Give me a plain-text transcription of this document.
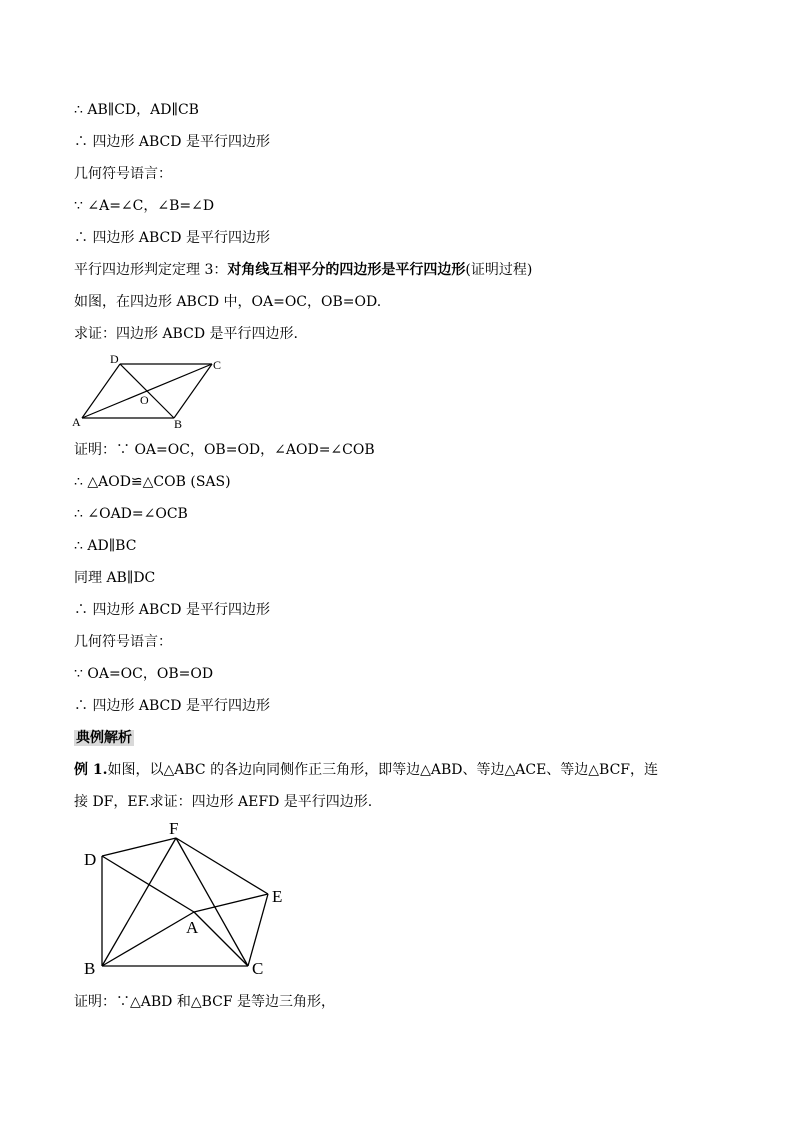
∴ AB∥CD，AD∥CB
∴ 四边形 ABCD 是平行四边形
几何符号语言：
∵ ∠A=∠C，∠B=∠D
∴ 四边形 ABCD 是平行四边形
平行四边形判定定理 3：对角线互相平分的四边形是平行四边形(证明过程)
如图，在四边形 ABCD 中，OA=OC，OB=OD.
求证：四边形 ABCD 是平行四边形.
D	C
A	B
O
证明：∵ OA=OC，OB=OD，∠AOD=∠COB
∴ △AOD≌△COB (SAS)
∴ ∠OAD=∠OCB
∴ AD∥BC
同理 AB∥DC
∴ 四边形 ABCD 是平行四边形
几何符号语言：
∵ OA=OC，OB=OD
∴ 四边形 ABCD 是平行四边形
典例解析
例 1.如图，以△ABC 的各边向同侧作正三角形，即等边△ABD、等边△ACE、等边△BCF，连
接 DF，EF.求证：四边形 AEFD 是平行四边形.
F
D
E
A
B	C
证明：∵△ABD 和△BCF 是等边三角形，
